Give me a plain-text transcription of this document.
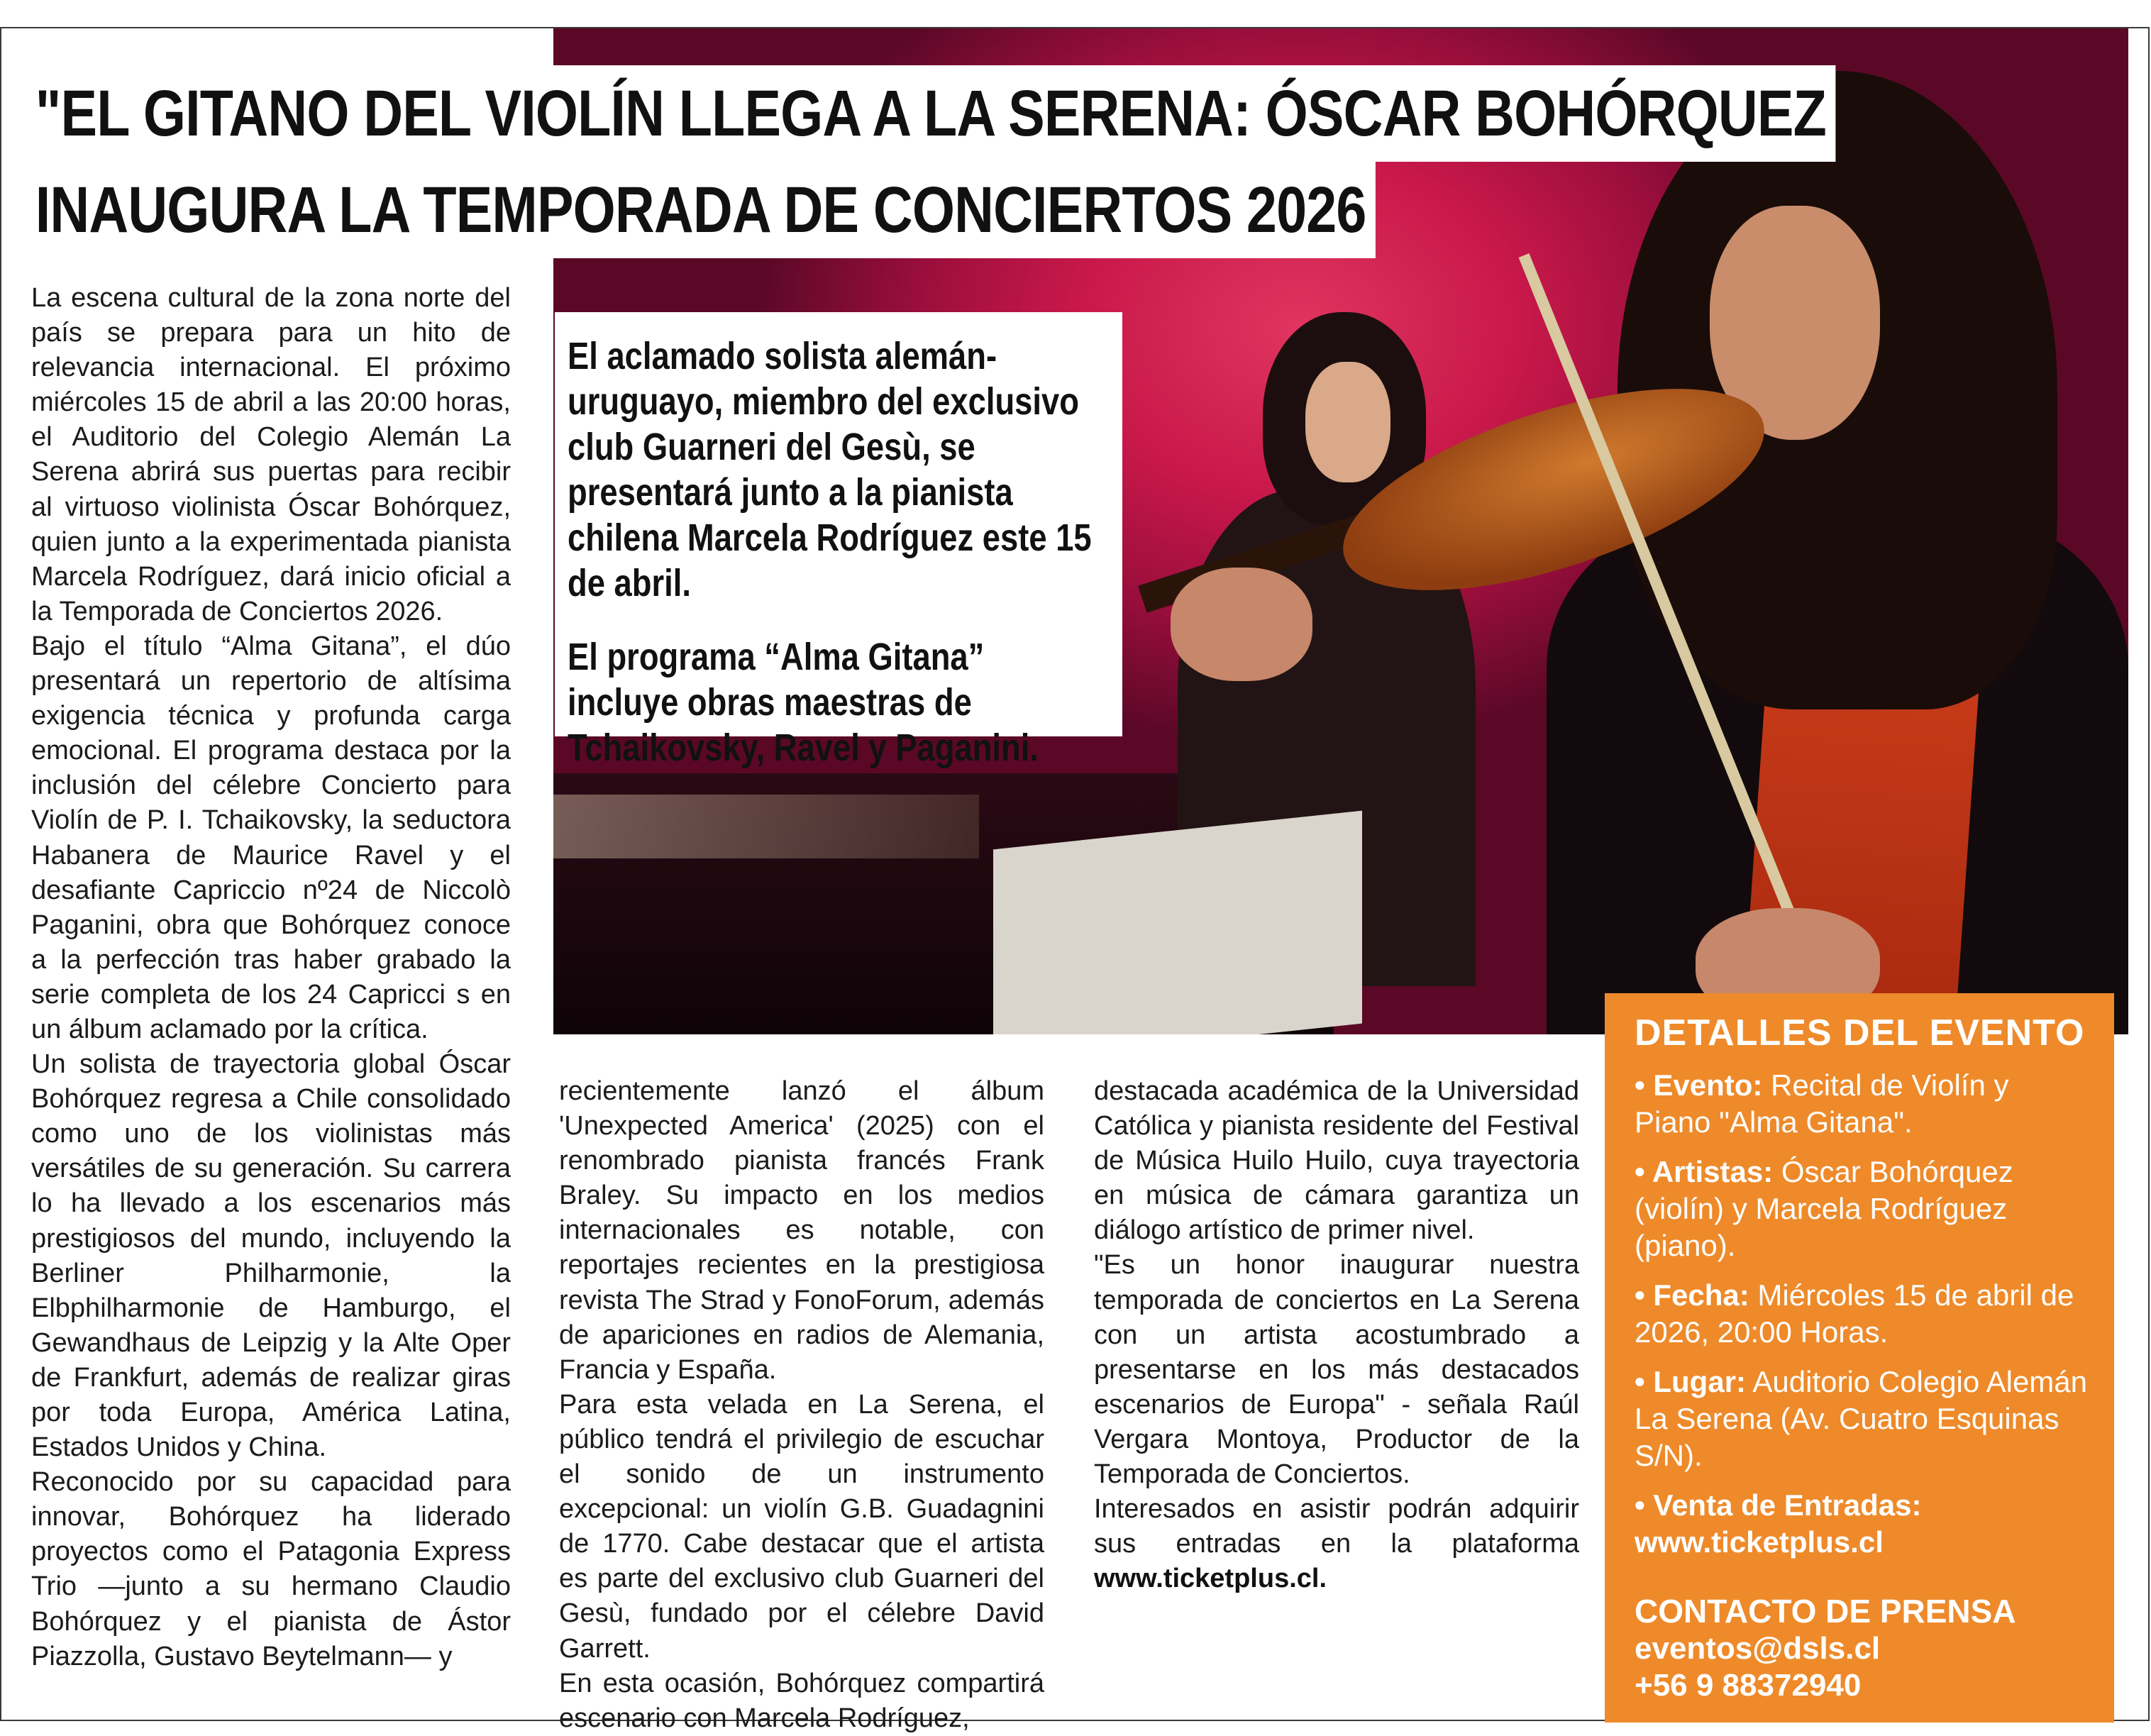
"EL GITANO DEL VIOLÍN LLEGA A LA SERENA: ÓSCAR BOHÓRQUEZ
INAUGURA LA TEMPORADA DE CONCIERTOS 2026

El aclamado solista alemán-uruguayo, miembro del exclusivo club Guarneri del Gesù, se presentará junto a la pianista chilena Marcela Rodríguez este 15 de abril.

El programa “Alma Gitana” incluye obras maestras de Tchaikovsky, Ravel y Paganini.

La escena cultural de la zona norte del país se prepara para un hito de relevancia internacional. El próximo miércoles 15 de abril a las 20:00 horas, el Auditorio del Colegio Alemán La Serena abrirá sus puertas para recibir al virtuoso violinista Óscar Bohórquez, quien junto a la experimentada pianista Marcela Rodríguez, dará inicio oficial a la Temporada de Conciertos 2026.

Bajo el título “Alma Gitana”, el dúo presentará un repertorio de altísima exigencia técnica y profunda carga emocional. El programa destaca por la inclusión del célebre Concierto para Violín de P. I. Tchaikovsky, la seductora Habanera de Maurice Ravel y el desafiante Capriccio nº24 de Niccolò Paganini, obra que Bohórquez conoce a la perfección tras haber grabado la serie completa de los 24 Capricci s en un álbum aclamado por la crítica.

Un solista de trayectoria global Óscar Bohórquez regresa a Chile consolidado como uno de los violinistas más versátiles de su generación. Su carrera lo ha llevado a los escenarios más prestigiosos del mundo, incluyendo la Berliner Philharmonie, la Elbphilharmonie de Hamburgo, el Gewandhaus de Leipzig y la Alte Oper de Frankfurt, además de realizar giras por toda Europa, América Latina, Estados Unidos y China.

Reconocido por su capacidad para innovar, Bohórquez ha liderado proyectos como el Patagonia Express Trio —junto a su hermano Claudio Bohórquez y el pianista de Ástor Piazzolla, Gustavo Beytelmann— y

recientemente lanzó el álbum 'Unexpected America' (2025) con el renombrado pianista francés Frank Braley. Su impacto en los medios internacionales es notable, con reportajes recientes en la prestigiosa revista The Strad y FonoForum, además de apariciones en radios de Alemania, Francia y España.

Para esta velada en La Serena, el público tendrá el privilegio de escuchar el sonido de un instrumento excepcional: un violín G.B. Guadagnini de 1770. Cabe destacar que el artista es parte del exclusivo club Guarneri del Gesù, fundado por el célebre David Garrett.

En esta ocasión, Bohórquez compartirá escenario con Marcela Rodríguez,

destacada académica de la Universidad Católica y pianista residente del Festival de Música Huilo Huilo, cuya trayectoria en música de cámara garantiza un diálogo artístico de primer nivel.

"Es un honor inaugurar nuestra temporada de conciertos en La Serena con un artista acostumbrado a presentarse en los más destacados escenarios de Europa" - señala Raúl Vergara Montoya, Productor de la Temporada de Conciertos.

Interesados en asistir podrán adquirir sus entradas en la plataforma www.ticketplus.cl.

DETALLES DEL EVENTO
• Evento: Recital de Violín y Piano "Alma Gitana".
• Artistas: Óscar Bohórquez (violín) y Marcela Rodríguez (piano).
• Fecha: Miércoles 15 de abril de 2026, 20:00 Horas.
• Lugar: Auditorio Colegio Alemán La Serena (Av. Cuatro Esquinas S/N).
• Venta de Entradas:
www.ticketplus.cl
CONTACTO DE PRENSA
eventos@dsls.cl
+56 9 88372940
